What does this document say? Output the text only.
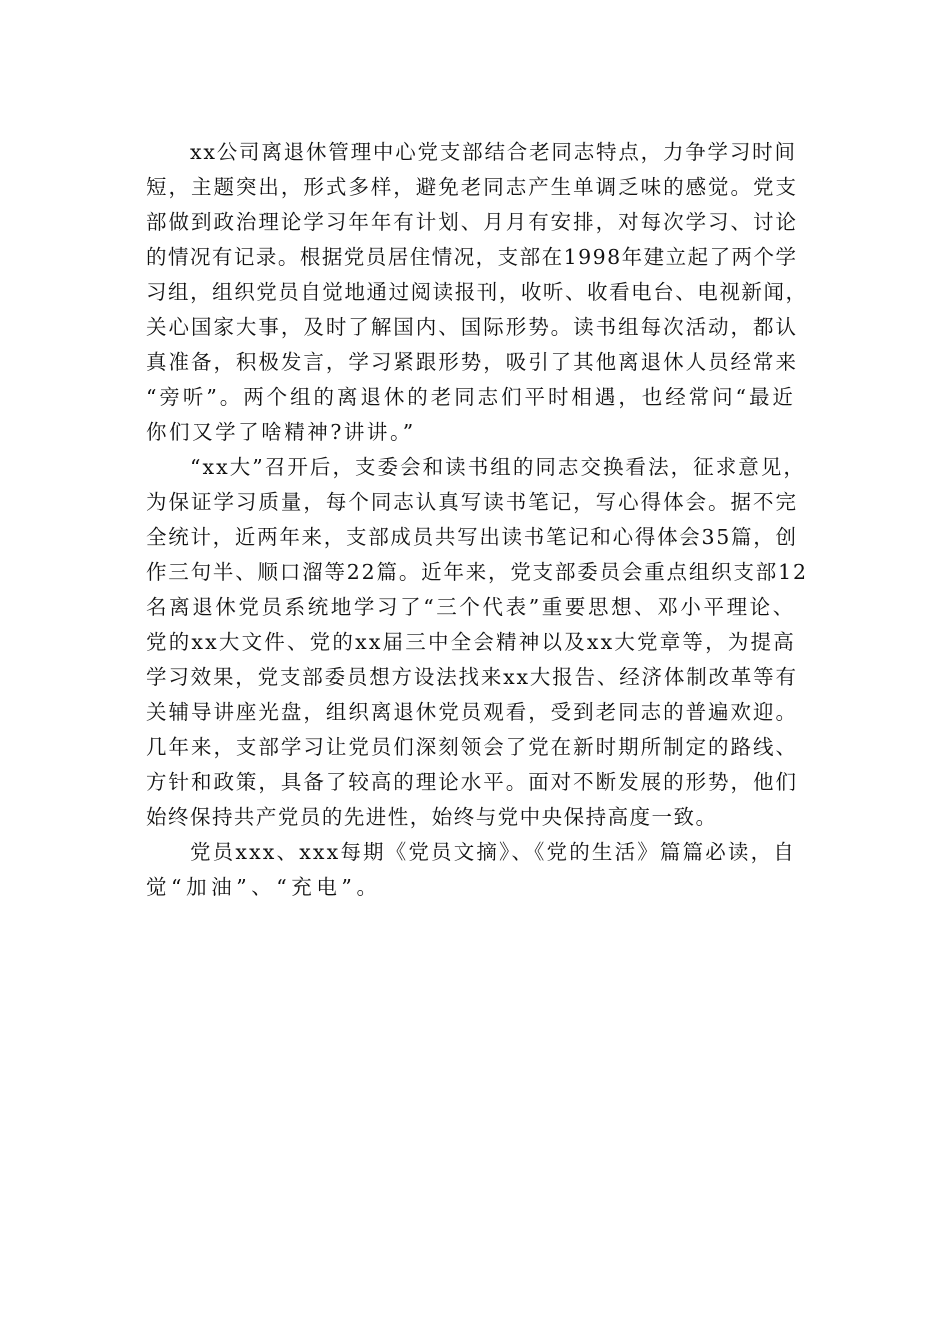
xx公司离退休管理中心党支部结合老同志特点，力争学习时间

短，主题突出，形式多样，避免老同志产生单调乏味的感觉。党支

部做到政治理论学习年年有计划、月月有安排，对每次学习、讨论

的情况有记录。根据党员居住情况，支部在1998年建立起了两个学

习组，组织党员自觉地通过阅读报刊，收听、收看电台、电视新闻，

关心国家大事，及时了解国内、国际形势。读书组每次活动，都认

真准备，积极发言，学习紧跟形势，吸引了其他离退休人员经常来

“旁听”。两个组的离退休的老同志们平时相遇，也经常问“最近

你们又学了啥精神?讲讲。”

“xx大”召开后，支委会和读书组的同志交换看法，征求意见，

为保证学习质量，每个同志认真写读书笔记，写心得体会。据不完

全统计，近两年来，支部成员共写出读书笔记和心得体会35篇，创

作三句半、顺口溜等22篇。近年来，党支部委员会重点组织支部12

名离退休党员系统地学习了“三个代表”重要思想、邓小平理论、

党的xx大文件、党的xx届三中全会精神以及xx大党章等，为提高

学习效果，党支部委员想方设法找来xx大报告、经济体制改革等有

关辅导讲座光盘，组织离退休党员观看，受到老同志的普遍欢迎。

几年来，支部学习让党员们深刻领会了党在新时期所制定的路线、

方针和政策，具备了较高的理论水平。面对不断发展的形势，他们

始终保持共产党员的先进性，始终与党中央保持高度一致。

党员xxx、xxx每期《党员文摘》、《党的生活》篇篇必读，自

觉“加油”、“充电”。
